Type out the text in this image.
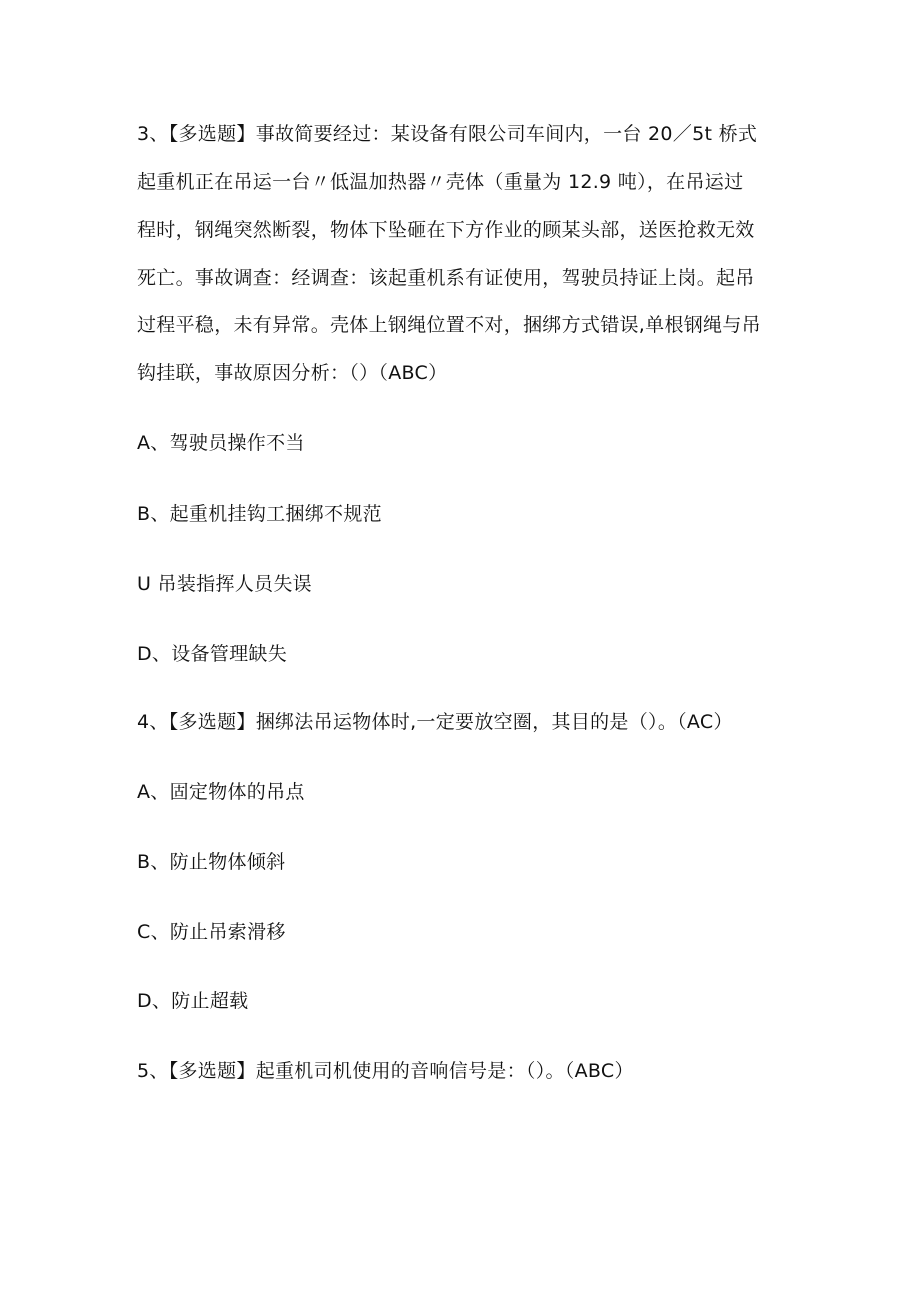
3、【多选题】事故简要经过：某设备有限公司车间内，一台 20／5t 桥式
起重机正在吊运一台〃低温加热器〃壳体（重量为 12.9 吨），在吊运过
程时，钢绳突然断裂，物体下坠砸在下方作业的顾某头部，送医抢救无效
死亡。事故调查：经调查：该起重机系有证使用，驾驶员持证上岗。起吊
过程平稳，未有异常。壳体上钢绳位置不对，捆绑方式错误,单根钢绳与吊
钩挂联，事故原因分析：（）（ABC）
A、驾驶员操作不当
B、起重机挂钩工捆绑不规范
U 吊装指挥人员失误
D、设备管理缺失
4、【多选题】捆绑法吊运物体时,一定要放空圈，其目的是（）。（AC）
A、固定物体的吊点
B、防止物体倾斜
C、防止吊索滑移
D、防止超载
5、【多选题】起重机司机使用的音响信号是：（）。（ABC）
